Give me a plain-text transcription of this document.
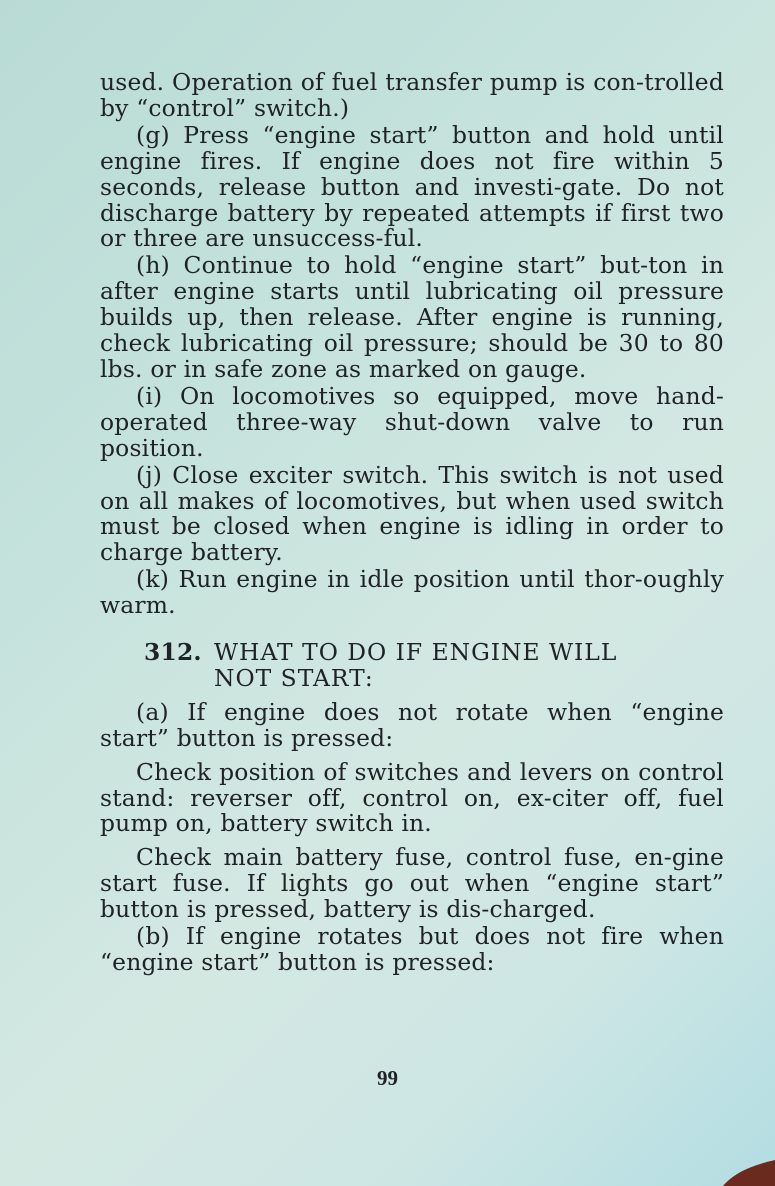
used. Operation of fuel transfer pump is con-trolled by “control” switch.)

(g) Press “engine start” button and hold until engine fires. If engine does not fire within 5 seconds, release button and investi-gate. Do not discharge battery by repeated attempts if first two or three are unsuccess-ful.

(h) Continue to hold “engine start” but-ton in after engine starts until lubricating oil pressure builds up, then release. After engine is running, check lubricating oil pressure; should be 30 to 80 lbs. or in safe zone as marked on gauge.

(i) On locomotives so equipped, move hand-operated three-way shut-down valve to run position.

(j) Close exciter switch. This switch is not used on all makes of locomotives, but when used switch must be closed when engine is idling in order to charge battery.

(k) Run engine in idle position until thor-oughly warm.

312. WHAT TO DO IF ENGINE WILL
NOT START:

(a) If engine does not rotate when “engine start” button is pressed:

Check position of switches and levers on control stand: reverser off, control on, ex-citer off, fuel pump on, battery switch in.

Check main battery fuse, control fuse, en-gine start fuse. If lights go out when “engine start” button is pressed, battery is dis-charged.

(b) If engine rotates but does not fire when “engine start” button is pressed:

99
